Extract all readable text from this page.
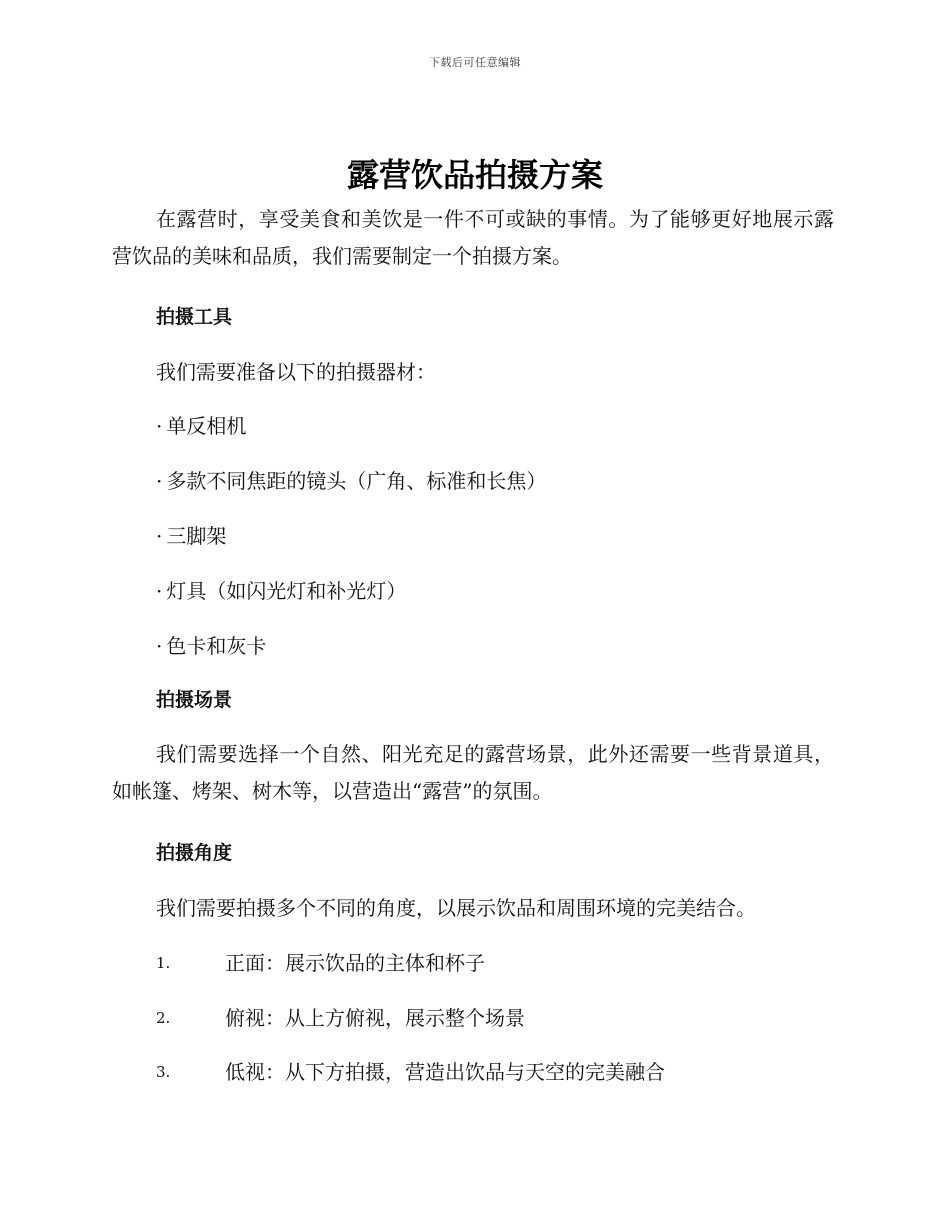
下载后可任意编辑
露营饮品拍摄方案
在露营时，享受美食和美饮是一件不可或缺的事情。为了能够更好地展示露营饮品的美味和品质，我们需要制定一个拍摄方案。
拍摄工具
我们需要准备以下的拍摄器材：
· 单反相机
· 多款不同焦距的镜头（广角、标准和长焦）
· 三脚架
· 灯具（如闪光灯和补光灯）
· 色卡和灰卡
拍摄场景
我们需要选择一个自然、阳光充足的露营场景，此外还需要一些背景道具，如帐篷、烤架、树木等，以营造出“露营”的氛围。
拍摄角度
我们需要拍摄多个不同的角度，以展示饮品和周围环境的完美结合。
1.	正面：展示饮品的主体和杯子
2.	俯视：从上方俯视，展示整个场景
3.	低视：从下方拍摄，营造出饮品与天空的完美融合
